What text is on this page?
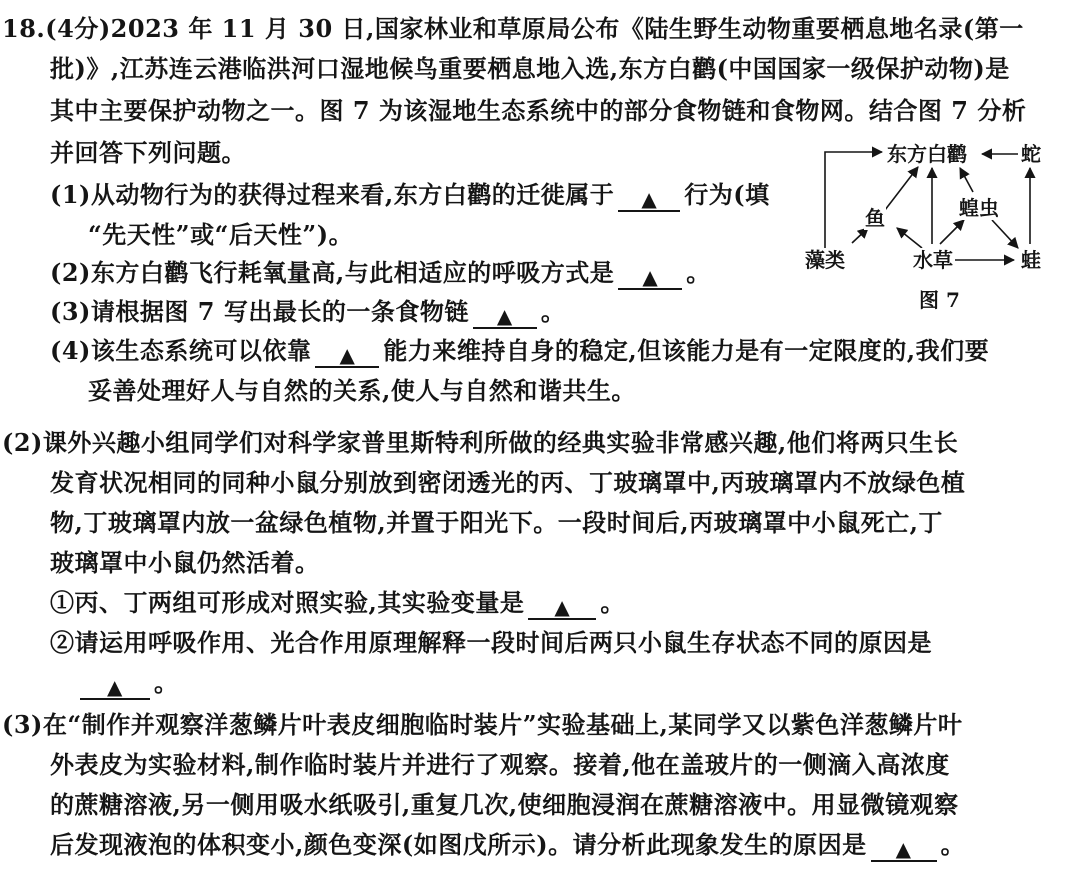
18.(4分)2023 年 11 月 30 日,国家林业和草原局公布《陆生野生动物重要栖息地名录(第一
批)》,江苏连云港临洪河口湿地候鸟重要栖息地入选,东方白鹳(中国国家一级保护动物)是
其中主要保护动物之一。图 7 为该湿地生态系统中的部分食物链和食物网。结合图 7 分析
并回答下列问题。
(1)从动物行为的获得过程来看,东方白鹳的迁徙属于 ▲ 行为(填
“先天性”或“后天性”)。
(2)东方白鹳飞行耗氧量高,与此相适应的呼吸方式是 ▲ 。
(3)请根据图 7 写出最长的一条食物链 ▲ 。
(4)该生态系统可以依靠 ▲ 能力来维持自身的稳定,但该能力是有一定限度的,我们要
妥善处理好人与自然的关系,使人与自然和谐共生。
(2)课外兴趣小组同学们对科学家普里斯特利所做的经典实验非常感兴趣,他们将两只生长
发育状况相同的同种小鼠分别放到密闭透光的丙、丁玻璃罩中,丙玻璃罩内不放绿色植
物,丁玻璃罩内放一盆绿色植物,并置于阳光下。一段时间后,丙玻璃罩中小鼠死亡,丁
玻璃罩中小鼠仍然活着。
①丙、丁两组可形成对照实验,其实验变量是 ▲ 。
②请运用呼吸作用、光合作用原理解释一段时间后两只小鼠生存状态不同的原因是
▲ 。
(3)在“制作并观察洋葱鳞片叶表皮细胞临时装片”实验基础上,某同学又以紫色洋葱鳞片叶
外表皮为实验材料,制作临时装片并进行了观察。接着,他在盖玻片的一侧滴入高浓度
的蔗糖溶液,另一侧用吸水纸吸引,重复几次,使细胞浸润在蔗糖溶液中。用显微镜观察
后发现液泡的体积变小,颜色变深(如图戊所示)。请分析此现象发生的原因是 ▲ 。
东方白鹳	蛇
蝗虫
鱼
藻类	水草	蛙
图 7
